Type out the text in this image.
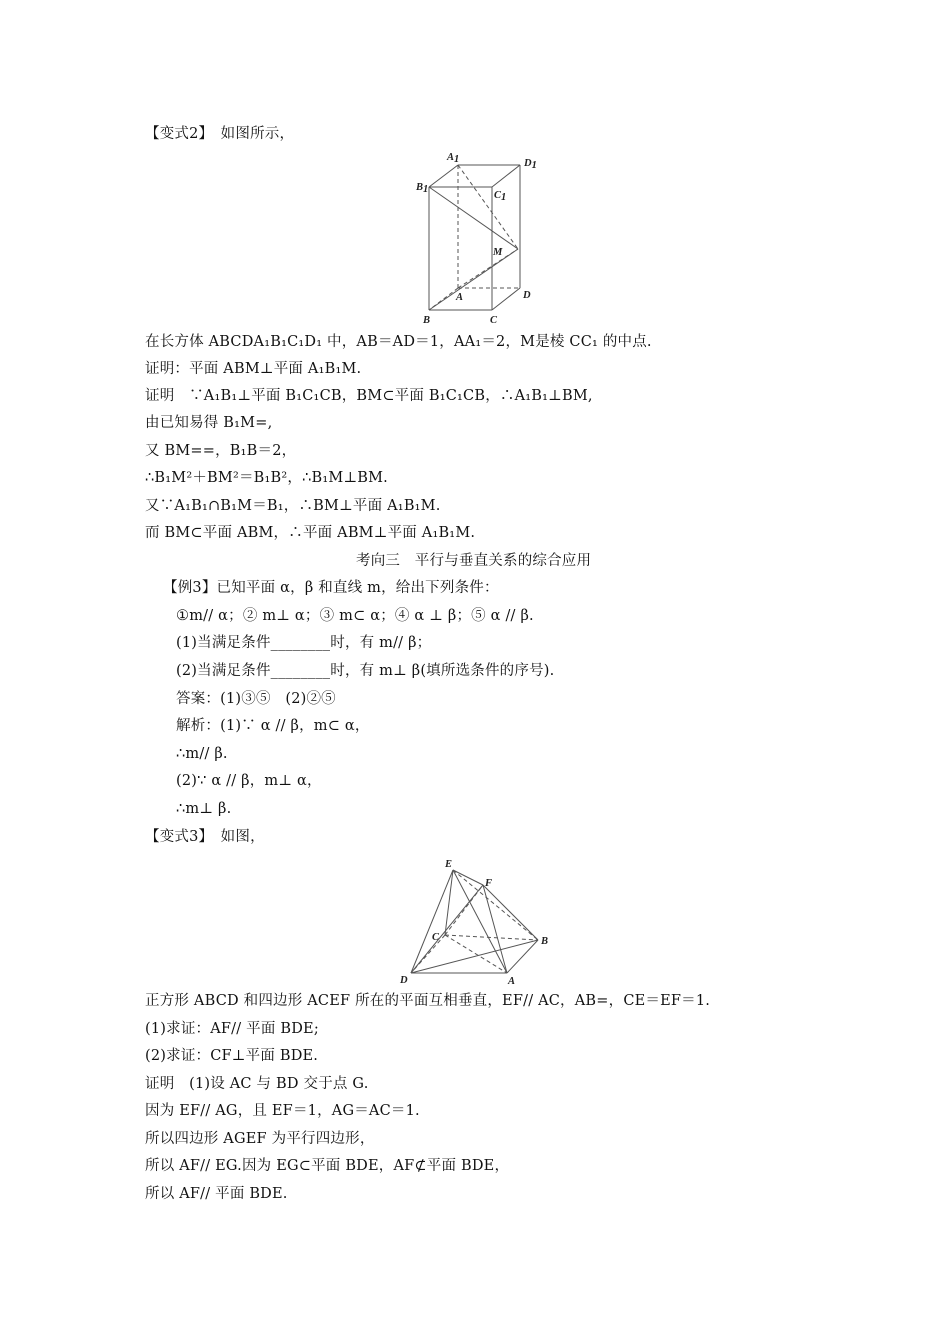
【变式2】　如图所示，
在长方体 ABCDA₁B₁C₁D₁ 中，AB＝AD＝1，AA₁＝2，M是棱 CC₁ 的中点.
证明：平面 ABM⊥平面 A₁B₁M.
证明　∵A₁B₁⊥平面 B₁C₁CB，BM⊂平面 B₁C₁CB，∴A₁B₁⊥BM,
由已知易得 B₁M=,
又 BM==，B₁B＝2，
∴B₁M²＋BM²＝B₁B²，∴B₁M⊥BM.
又∵A₁B₁∩B₁M＝B₁，∴BM⊥平面 A₁B₁M.
而 BM⊂平面 ABM，∴平面 ABM⊥平面 A₁B₁M.
考向三　平行与垂直关系的综合应用
【例3】已知平面 α，β 和直线 m，给出下列条件：
①m// α；② m⊥ α；③ m⊂ α；④ α ⊥ β；⑤ α // β.
(1)当满足条件________时，有 m// β；
(2)当满足条件________时，有 m⊥ β(填所选条件的序号).
答案：(1)③⑤　(2)②⑤
解析：(1)∵ α // β，m⊂ α，
∴m// β.
(2)∵ α // β，m⊥ α，
∴m⊥ β.
【变式3】　如图，
正方形 ABCD 和四边形 ACEF 所在的平面互相垂直，EF// AC，AB=，CE＝EF＝1.
(1)求证：AF// 平面 BDE;
(2)求证：CF⊥平面 BDE.
证明　(1)设 AC 与 BD 交于点 G.
因为 EF// AG，且 EF＝1，AG＝AC＝1.
所以四边形 AGEF 为平行四边形，
所以 AF// EG.因为 EG⊂平面 BDE，AF⊄平面 BDE，
所以 AF// 平面 BDE.
A1	D1
B1
C1
M
A	D
B	C
E
F
C	B
D	A
